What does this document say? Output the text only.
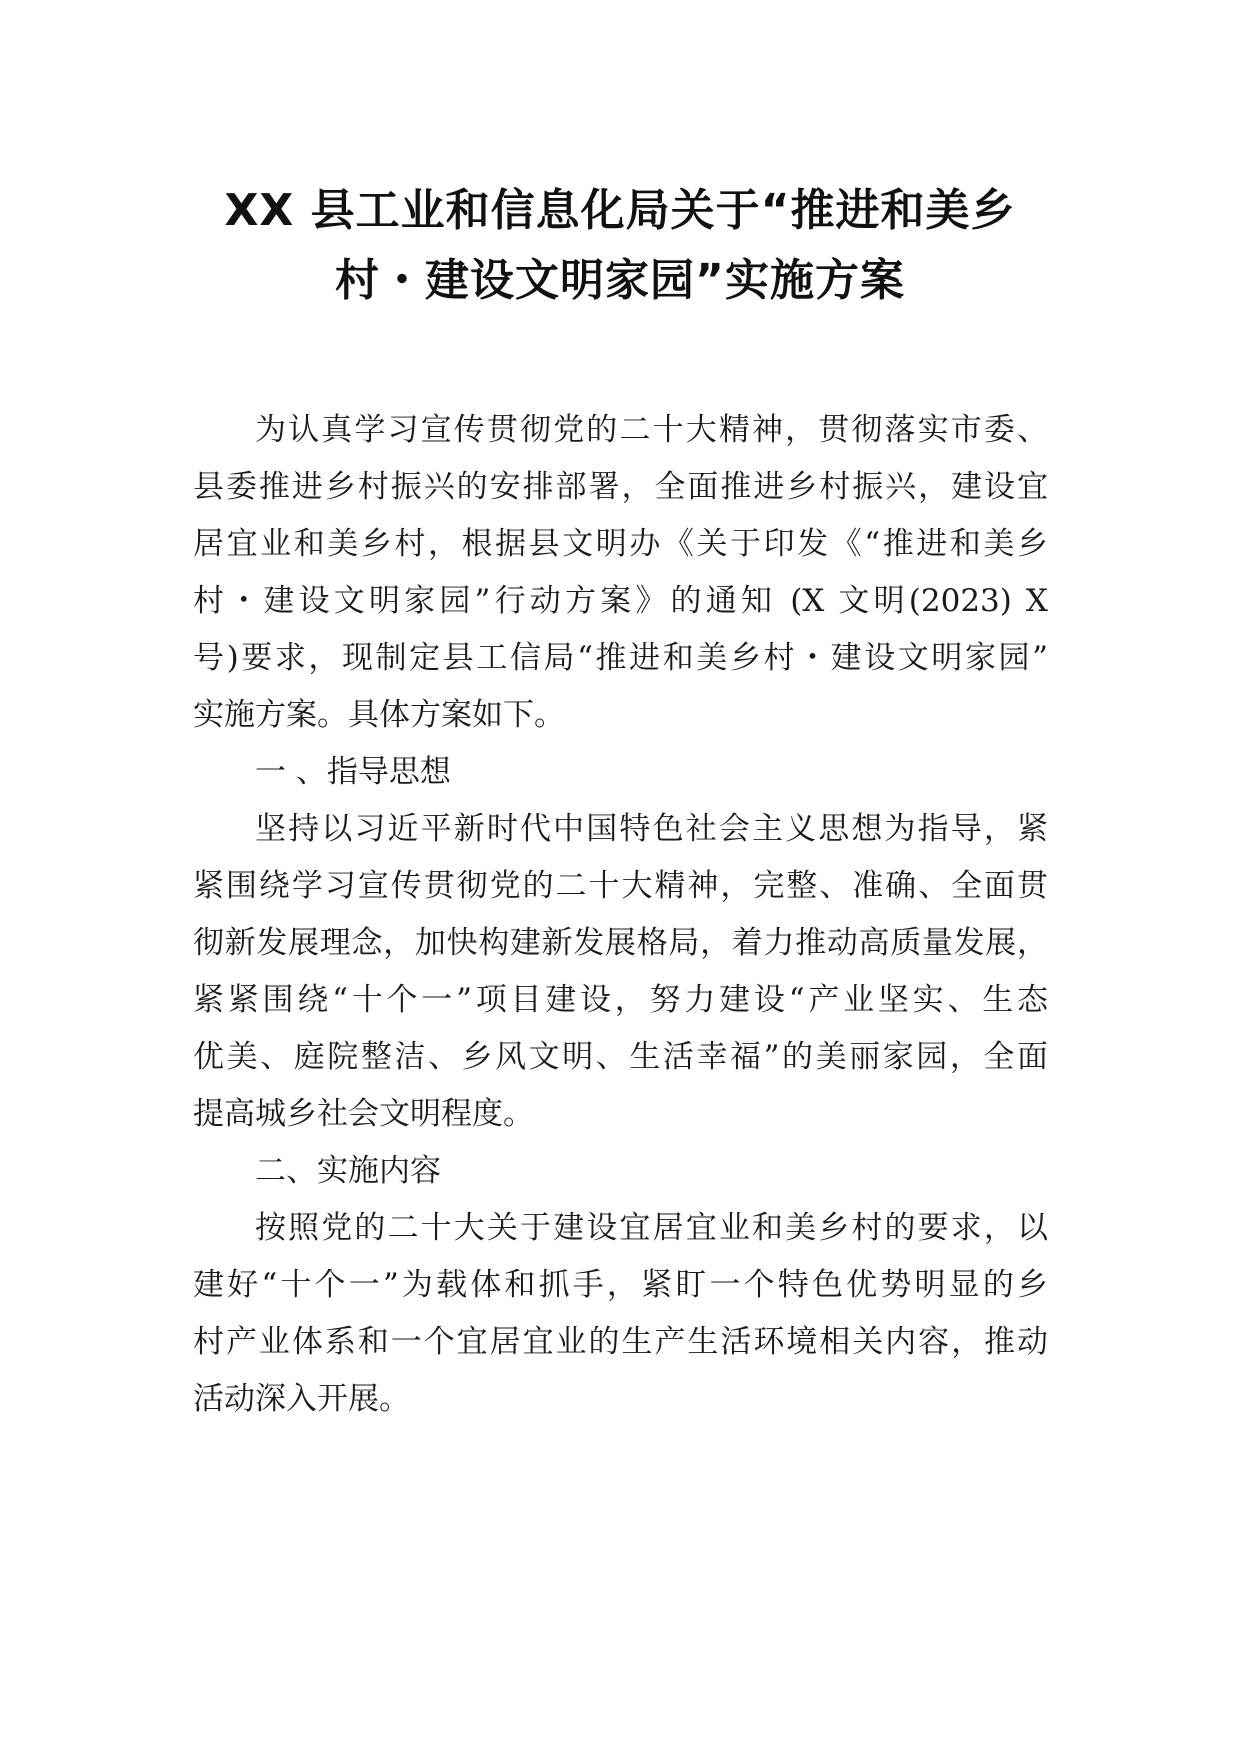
XX 县工业和信息化局关于“推进和美乡
村・建设文明家园”实施方案

为认真学习宣传贯彻党的二十大精神，贯彻落实市委、
县委推进乡村振兴的安排部署，全面推进乡村振兴，建设宜
居宜业和美乡村，根据县文明办《关于印发《“推进和美乡
村・建设文明家园”行动方案》的通知 (X 文明(2023) X
号)要求，现制定县工信局“推进和美乡村・建设文明家园”
实施方案。具体方案如下。

一 、指导思想

坚持以习近平新时代中国特色社会主义思想为指导，紧
紧围绕学习宣传贯彻党的二十大精神，完整、准确、全面贯
彻新发展理念，加快构建新发展格局，着力推动高质量发展，
紧紧围绕“十个一”项目建设，努力建设“产业坚实、生态
优美、庭院整洁、乡风文明、生活幸福”的美丽家园，全面
提高城乡社会文明程度。

二、实施内容

按照党的二十大关于建设宜居宜业和美乡村的要求，以
建好“十个一”为载体和抓手，紧盯一个特色优势明显的乡
村产业体系和一个宜居宜业的生产生活环境相关内容，推动
活动深入开展。
